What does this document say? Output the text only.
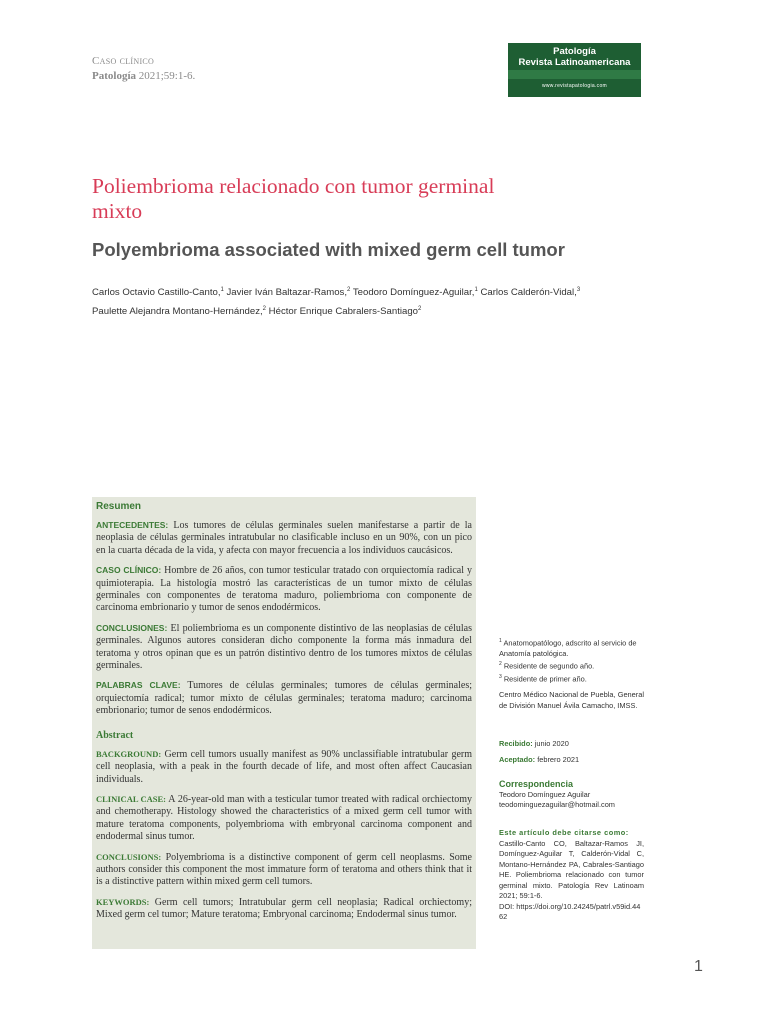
Caso clínico
Patología 2021;59:1-6.
Patología
Revista Latinoamericana
www.revistapatologia.com
Poliembrioma relacionado con tumor germinal
mixto
Polyembrioma associated with mixed germ cell tumor
Carlos Octavio Castillo-Canto,$^1$ Javier Iván Baltazar-Ramos,$^2$ Teodoro Domínguez-Aguilar,$^1$ Carlos Calderón-Vidal,$^3$
Paulette Alejandra Montano-Hernández,$^2$ Héctor Enrique Cabralers-Santiago$^2$
Resumen
ANTECEDENTES: Los tumores de células germinales suelen manifestarse a partir de la neoplasia de células germinales intratubular no clasificable incluso en un 90%, con un pico en la cuarta década de la vida, y afecta con mayor frecuencia a los individuos caucásicos.
CASO CLÍNICO: Hombre de 26 años, con tumor testicular tratado con orquiectomía radical y quimioterapia. La histología mostró las características de un tumor mixto de células germinales con componentes de teratoma maduro, poliembrioma con componente de carcinoma embrionario y tumor de senos endodérmicos.
CONCLUSIONES: El poliembrioma es un componente distintivo de las neoplasias de células germinales. Algunos autores consideran dicho componente la forma más inmadura del teratoma y otros opinan que es un patrón distintivo dentro de los tumores mixtos de células germinales.
PALABRAS CLAVE: Tumores de células germinales; tumores de células germinales; orquiectomía radical; tumor mixto de células germinales; teratoma maduro; carcinoma embrionario; tumor de senos endodérmicos.
Abstract
BACKGROUND: Germ cell tumors usually manifest as 90% unclassifiable intratubular germ cell neoplasia, with a peak in the fourth decade of life, and most often affect Caucasian individuals.
CLINICAL CASE: A 26-year-old man with a testicular tumor treated with radical orchiectomy and chemotherapy. Histology showed the characteristics of a mixed germ cell tumor with mature teratoma components, polyembrioma with embryonal carcinoma component and endodermal sinus tumor.
CONCLUSIONS: Polyembrioma is a distinctive component of germ cell neoplasms. Some authors consider this component the most immature form of teratoma and others think that it is a distinctive pattern within mixed germ cell tumors.
KEYWORDS: Germ cell tumors; Intratubular germ cell neoplasia; Radical orchiectomy; Mixed germ cel tumor; Mature teratoma; Embryonal carcinoma; Endodermal sinus tumor.
$^1$ Anatomopatólogo, adscrito al servicio de Anatomía patológica.
$^2$ Residente de segundo año.
$^3$ Residente de primer año.
Centro Médico Nacional de Puebla, General de División Manuel Ávila Camacho, IMSS.
Recibido: junio 2020
Aceptado: febrero 2021
Correspondencia
Teodoro Domínguez Aguilar
teodominguezaguilar@hotmail.com
Este artículo debe citarse como:
Castillo-Canto CO, Baltazar-Ramos JI, Domínguez-Aguilar T, Calderón-Vidal C, Montano-Hernández PA, Cabrales-Santiago HE. Poliembrioma relacionado con tumor germinal mixto. Patología Rev Latinoam 2021; 59:1-6.
DOI: https://doi.org/10.24245/patrl.v59id.4462
1
